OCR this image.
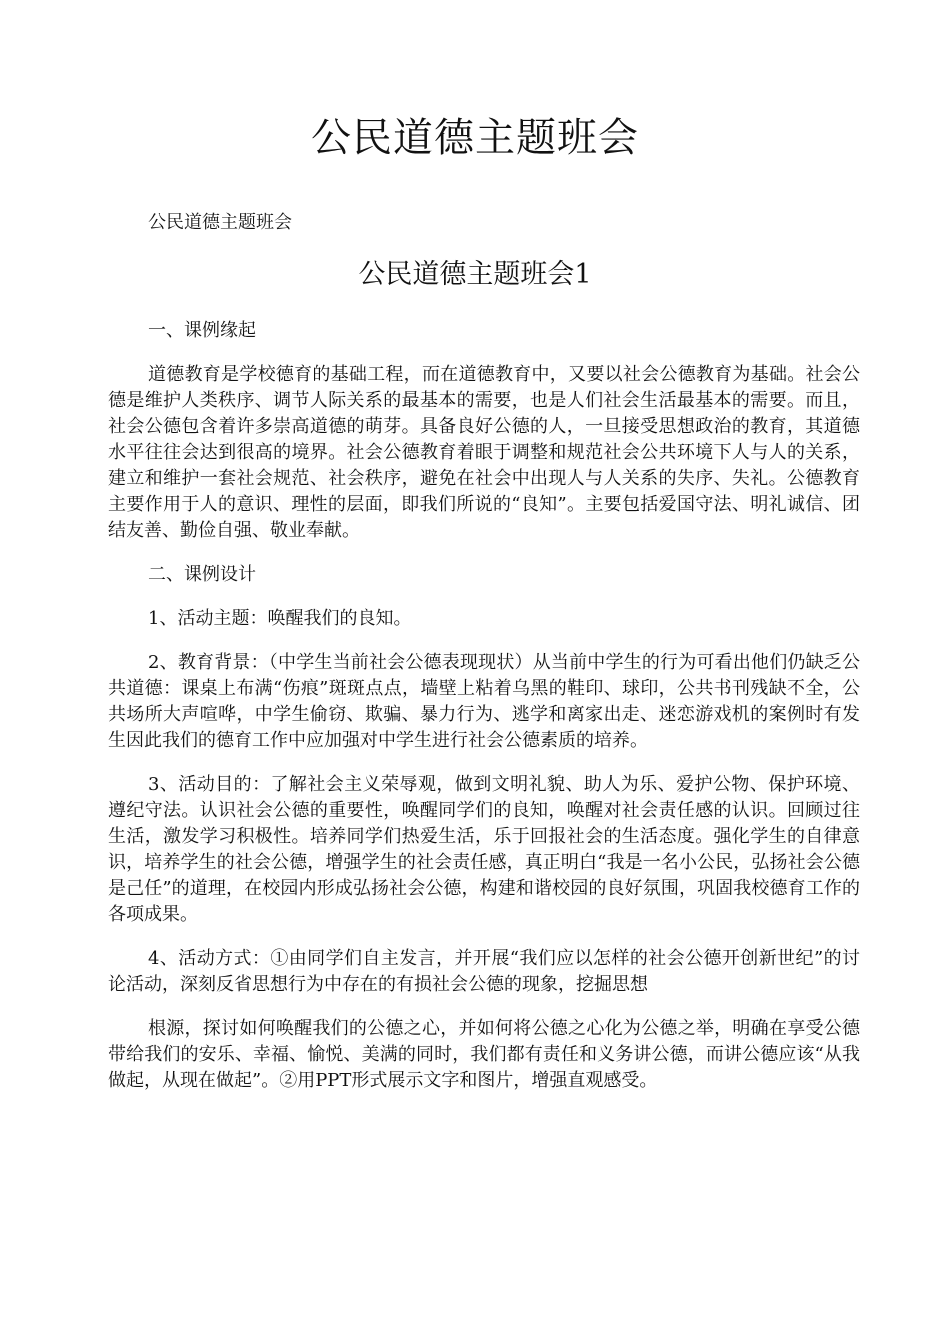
公民道德主题班会
公民道德主题班会
公民道德主题班会1

一、课例缘起

道德教育是学校德育的基础工程，而在道德教育中，又要以社会公德教育为基础。社会公德是维护人类秩序、调节人际关系的最基本的需要，也是人们社会生活最基本的需要。而且，社会公德包含着许多崇高道德的萌芽。具备良好公德的人，一旦接受思想政治的教育，其道德水平往往会达到很高的境界。社会公德教育着眼于调整和规范社会公共环境下人与人的关系，建立和维护一套社会规范、社会秩序，避免在社会中出现人与人关系的失序、失礼。公德教育主要作用于人的意识、理性的层面，即我们所说的“良知”。主要包括爱国守法、明礼诚信、团结友善、勤俭自强、敬业奉献。

二、课例设计

1、活动主题：唤醒我们的良知。

2、教育背景：（中学生当前社会公德表现现状）从当前中学生的行为可看出他们仍缺乏公共道德：课桌上布满“伤痕”斑斑点点，墙壁上粘着乌黑的鞋印、球印，公共书刊残缺不全，公共场所大声喧哗，中学生偷窃、欺骗、暴力行为、逃学和离家出走、迷恋游戏机的案例时有发生因此我们的德育工作中应加强对中学生进行社会公德素质的培养。

3、活动目的：了解社会主义荣辱观，做到文明礼貌、助人为乐、爱护公物、保护环境、遵纪守法。认识社会公德的重要性，唤醒同学们的良知，唤醒对社会责任感的认识。回顾过往生活，激发学习积极性。培养同学们热爱生活，乐于回报社会的生活态度。强化学生的自律意识，培养学生的社会公德，增强学生的社会责任感，真正明白“我是一名小公民，弘扬社会公德是己任”的道理，在校园内形成弘扬社会公德，构建和谐校园的良好氛围，巩固我校德育工作的各项成果。

4、活动方式：①由同学们自主发言，并开展“我们应以怎样的社会公德开创新世纪”的讨论活动，深刻反省思想行为中存在的有损社会公德的现象，挖掘思想

根源，探讨如何唤醒我们的公德之心，并如何将公德之心化为公德之举，明确在享受公德带给我们的安乐、幸福、愉悦、美满的同时，我们都有责任和义务讲公德，而讲公德应该“从我做起，从现在做起”。②用PPT形式展示文字和图片，增强直观感受。
